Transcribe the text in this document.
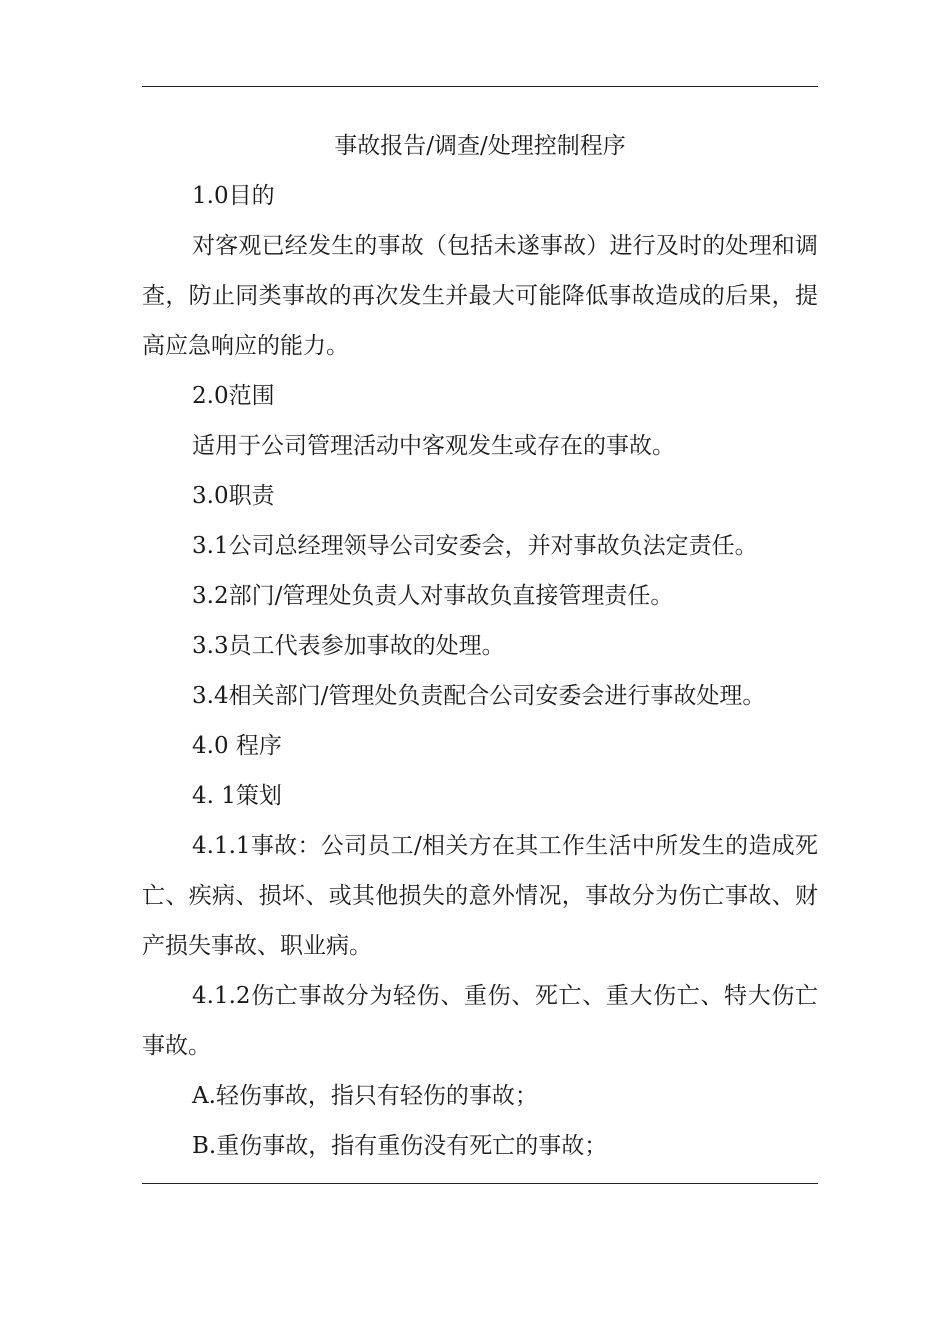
事故报告/调查/处理控制程序

1.0目的

对客观已经发生的事故（包括未遂事故）进行及时的处理和调查，防止同类事故的再次发生并最大可能降低事故造成的后果，提高应急响应的能力。

2.0范围

适用于公司管理活动中客观发生或存在的事故。

3.0职责

3.1公司总经理领导公司安委会，并对事故负法定责任。

3.2部门/管理处负责人对事故负直接管理责任。

3.3员工代表参加事故的处理。

3.4相关部门/管理处负责配合公司安委会进行事故处理。

4.0 程序

4. 1策划

4.1.1事故：公司员工/相关方在其工作生活中所发生的造成死亡、疾病、损坏、或其他损失的意外情况，事故分为伤亡事故、财产损失事故、职业病。

4.1.2伤亡事故分为轻伤、重伤、死亡、重大伤亡、特大伤亡事故。

A.轻伤事故，指只有轻伤的事故；

B.重伤事故，指有重伤没有死亡的事故；
